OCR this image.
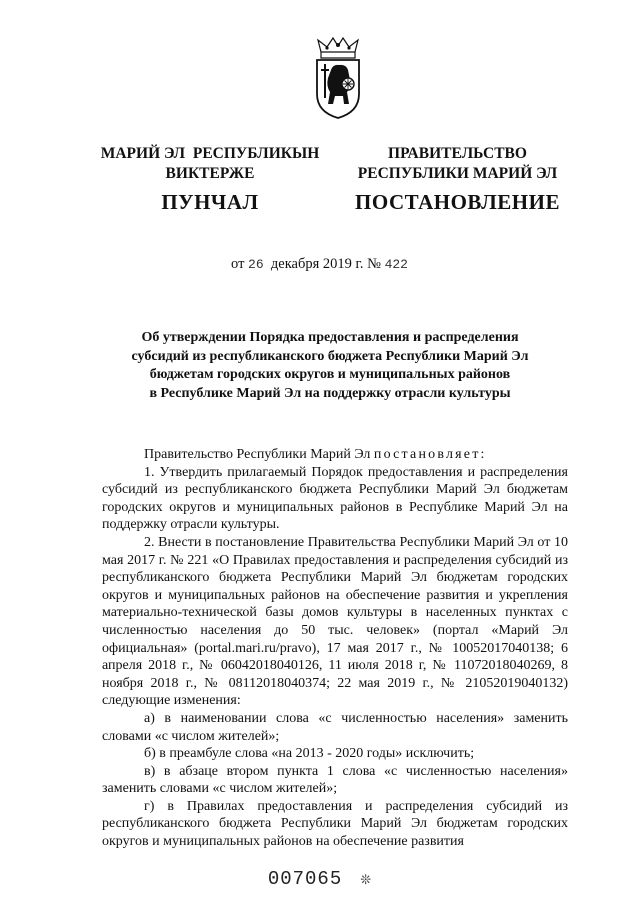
МАРИЙ ЭЛ  РЕСПУБЛИКЫН
ВИКТЕРЖЕ
ПРАВИТЕЛЬСТВО
РЕСПУБЛИКИ МАРИЙ ЭЛ
ПУНЧАЛ	ПОСТАНОВЛЕНИЕ
от 26 декабря 2019 г. № 422
Об утверждении Порядка предоставления и распределения
субсидий из республиканского бюджета Республики Марий Эл
бюджетам городских округов и муниципальных районов
в Республике Марий Эл на поддержку отрасли культуры

Правительство Республики Марий Эл постановляет:

1. Утвердить прилагаемый Порядок предоставления и распределения субсидий из республиканского бюджета Республики Марий Эл бюджетам городских округов и муниципальных районов в Республике Марий Эл на поддержку отрасли культуры.

2. Внести в постановление Правительства Республики Марий Эл от 10 мая 2017 г. № 221 «О Правилах предоставления и распределения субсидий из республиканского бюджета Республики Марий Эл бюджетам городских округов и муниципальных районов на обеспечение развития и укрепления материально-технической базы домов культуры в населенных пунктах с численностью населения до 50 тыс. человек» (портал «Марий Эл официальная» (portal.mari.ru/pravo), 17 мая 2017 г., № 10052017040138; 6 апреля 2018 г., № 06042018040126, 11 июля 2018 г, № 11072018040269, 8 ноября 2018 г., № 08112018040374; 22 мая 2019 г., № 21052019040132) следующие изменения:

а) в наименовании слова «с численностью населения» заменить словами «с числом жителей»;

б) в преамбуле слова «на 2013 - 2020 годы» исключить;

в) в абзаце втором пункта 1 слова «с численностью населения» заменить словами «с числом жителей»;

г) в Правилах предоставления и распределения субсидий из республиканского бюджета Республики Марий Эл бюджетам городских округов и муниципальных районов на обеспечение развития

007065 ❊
